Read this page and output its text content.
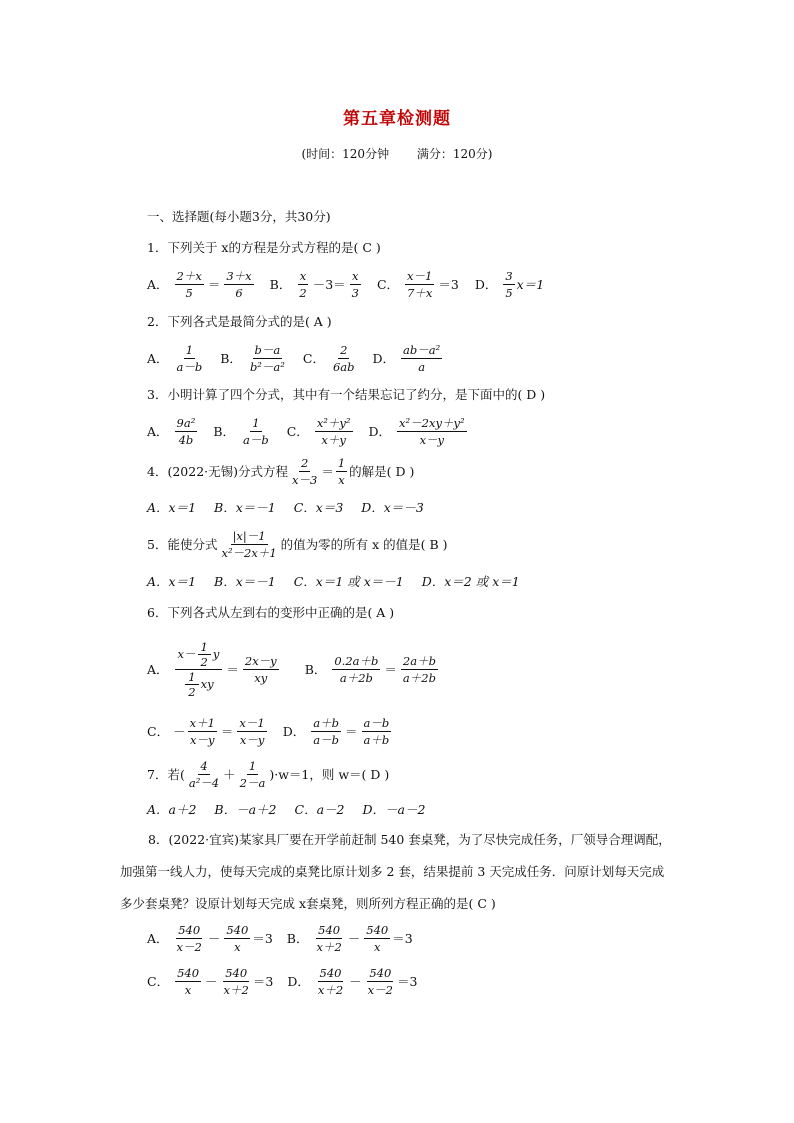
第五章检测题
(时间：120分钟 满分：120分)
一、选择题(每小题3分，共30分)
1．下列关于 x的方程是分式方程的是( C )
A． $\frac{2+x}{5} = \frac{3+x}{6}$ B． $\frac{x}{2} -3= \frac{x}{3}$ C． $\frac{x-1}{7+x} =3$ D． $\frac{3}{5} x=1$
2．下列各式是最简分式的是( A )
A． $\frac{1}{a-b}$ B． $\frac{b-a}{\text{b²－a²}}$ C． $\frac{2}{6ab}$ D． $\frac{\text{ab－a²}}{a}$
3．小明计算了四个分式，其中有一个结果忘记了约分，是下面中的( D )
A． $\frac{\text{9a²}}{4b}$ B． $\frac{1}{a-b}$ C． $\frac{\text{x²＋y²}}{x+y}$ D． $\frac{\text{x²－2xy＋y²}}{x-y}$
4．(2022·无锡)分式方程 $\frac{2}{x-3} = \frac{1}{x}$ 的解是( D )
A．x＝1 B．x＝－1 C．x＝3 D．x＝－3
5．能使分式 $\frac{|x|-1}{\text{x²－2x＋1}}$ 的值为零的所有 x 的值是( B )
A．x＝1 B．x＝－1 C．x＝1 或 x＝－1 D．x＝2 或 x＝1
6．下列各式从左到右的变形中正确的是( A )
A． $\frac{x- \frac{1}{2} y}{\frac{1}{2} xy} = \frac{2x-y}{xy}$ B． $\frac{0.2a+b}{a+2b} = \frac{2a+b}{a+2b}$
C． － $\frac{x+1}{x-y} = \frac{x-1}{x-y}$ D． $\frac{a+b}{a-b} = \frac{a-b}{a+b}$
7．若( $\frac{4}{\text{a²－4}} + \frac{1}{2-a} )\cdot w=1$，则 w＝( D )
A．a＋2 B．－a＋2 C．a－2 D．－a－2
8．(2022·宜宾)某家具厂要在开学前赶制 540 套桌凳，为了尽快完成任务，厂领导合理调配，加强第一线人力，使每天完成的桌凳比原计划多 2 套，结果提前 3 天完成任务．问原计划每天完成多少套桌凳？设原计划每天完成 x套桌凳，则所列方程正确的是( C )
A． $\frac{540}{x-2} - \frac{540}{x} =3$ B． $\frac{540}{x+2} - \frac{540}{x} =3$
C． $\frac{540}{x} - \frac{540}{x+2} =3$ D． $\frac{540}{x+2} - \frac{540}{x-2} =3$
